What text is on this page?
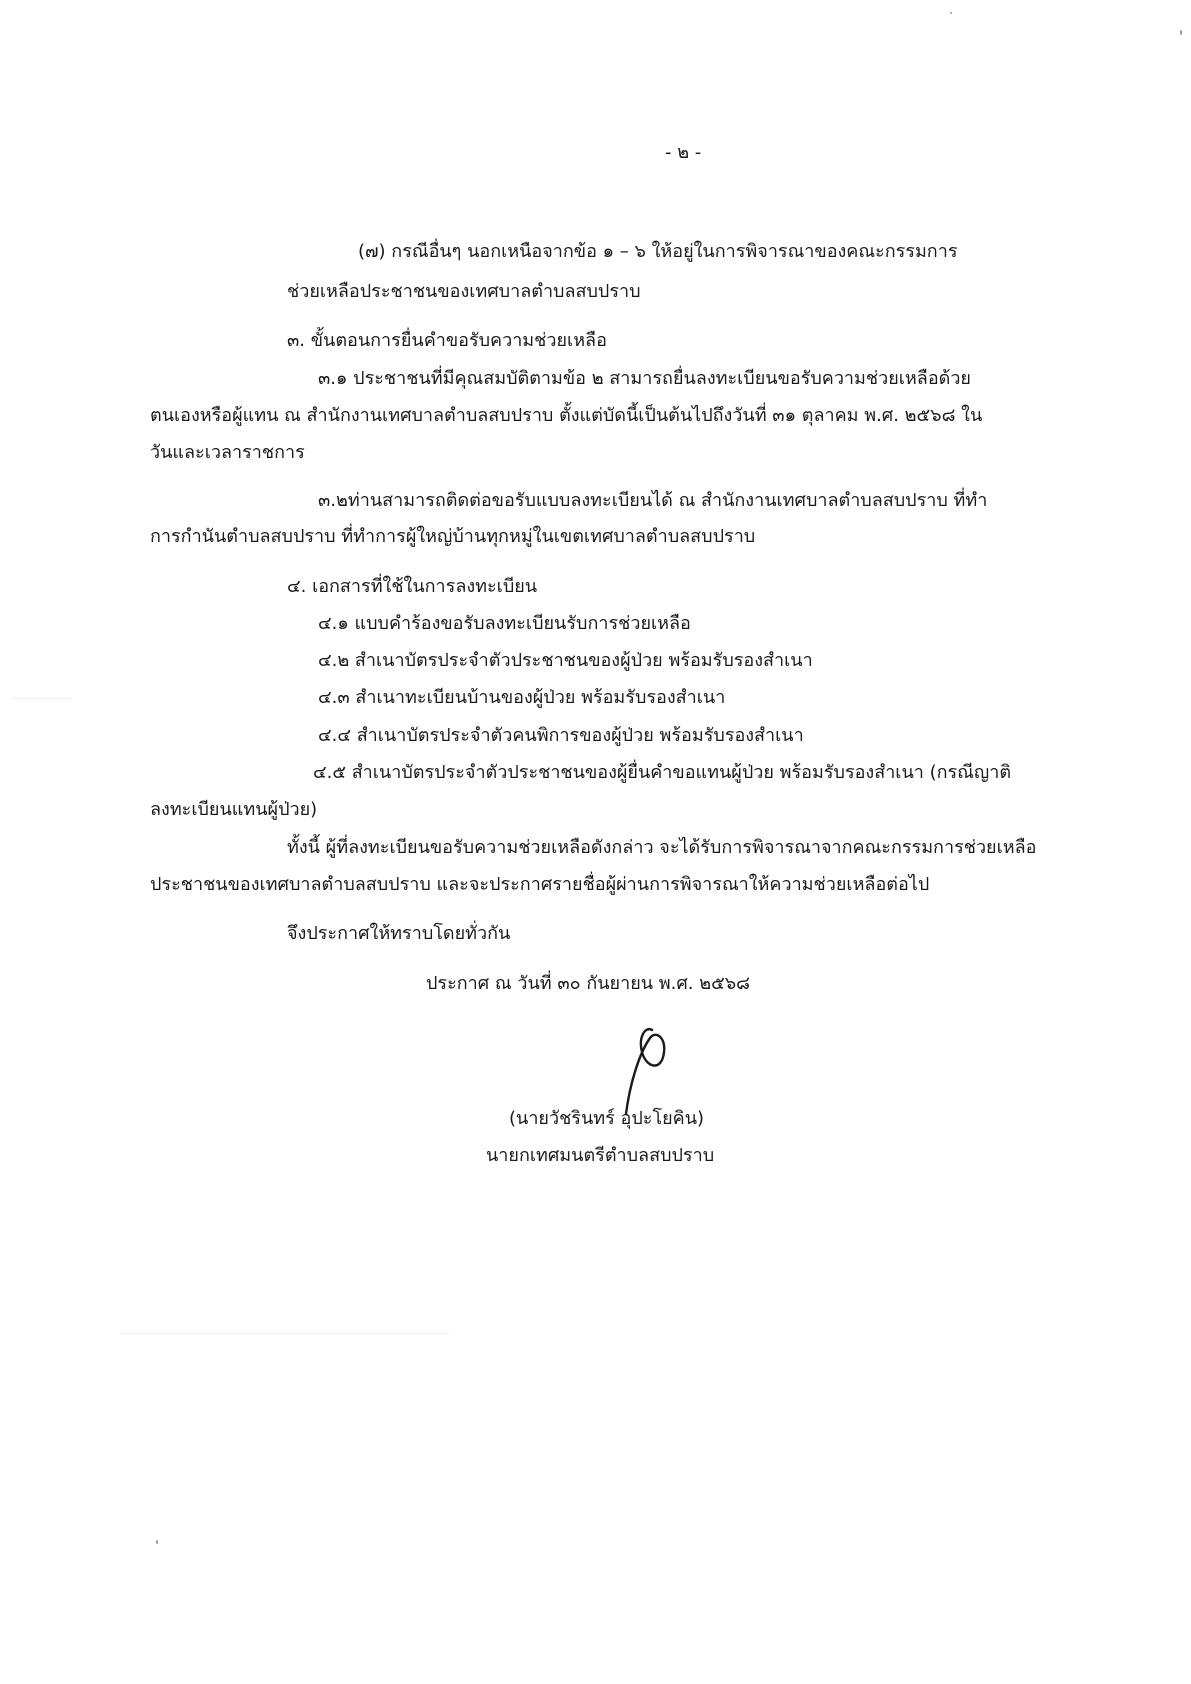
- ๒ -
(๗) กรณีอื่นๆ นอกเหนือจากข้อ ๑ – ๖ ให้อยู่ในการพิจารณาของคณะกรรมการ
ช่วยเหลือประชาชนของเทศบาลตำบลสบปราบ
๓. ขั้นตอนการยื่นคำขอรับความช่วยเหลือ
๓.๑ ประชาชนที่มีคุณสมบัติตามข้อ ๒ สามารถยื่นลงทะเบียนขอรับความช่วยเหลือด้วย
ตนเองหรือผู้แทน ณ สำนักงานเทศบาลตำบลสบปราบ ตั้งแต่บัดนี้เป็นต้นไปถึงวันที่ ๓๑ ตุลาคม พ.ศ. ๒๕๖๘ ใน
วันและเวลาราชการ
๓.๒ท่านสามารถติดต่อขอรับแบบลงทะเบียนได้ ณ สำนักงานเทศบาลตำบลสบปราบ ที่ทำ
การกำนันตำบลสบปราบ ที่ทำการผู้ใหญ่บ้านทุกหมู่ในเขตเทศบาลตำบลสบปราบ
๔. เอกสารที่ใช้ในการลงทะเบียน
๔.๑ แบบคำร้องขอรับลงทะเบียนรับการช่วยเหลือ
๔.๒ สำเนาบัตรประจำตัวประชาชนของผู้ป่วย พร้อมรับรองสำเนา
๔.๓ สำเนาทะเบียนบ้านของผู้ป่วย พร้อมรับรองสำเนา
๔.๔ สำเนาบัตรประจำตัวคนพิการของผู้ป่วย พร้อมรับรองสำเนา
๔.๕ สำเนาบัตรประจำตัวประชาชนของผู้ยื่นคำขอแทนผู้ป่วย พร้อมรับรองสำเนา (กรณีญาติ
ลงทะเบียนแทนผู้ป่วย)
ทั้งนี้ ผู้ที่ลงทะเบียนขอรับความช่วยเหลือดังกล่าว จะได้รับการพิจารณาจากคณะกรรมการช่วยเหลือ
ประชาชนของเทศบาลตำบลสบปราบ และจะประกาศรายชื่อผู้ผ่านการพิจารณาให้ความช่วยเหลือต่อไป
จึงประกาศให้ทราบโดยทั่วกัน
ประกาศ ณ วันที่ ๓๐ กันยายน พ.ศ. ๒๕๖๘
(นายวัชรินทร์ อุปะโยคิน)
นายกเทศมนตรีตำบลสบปราบ
